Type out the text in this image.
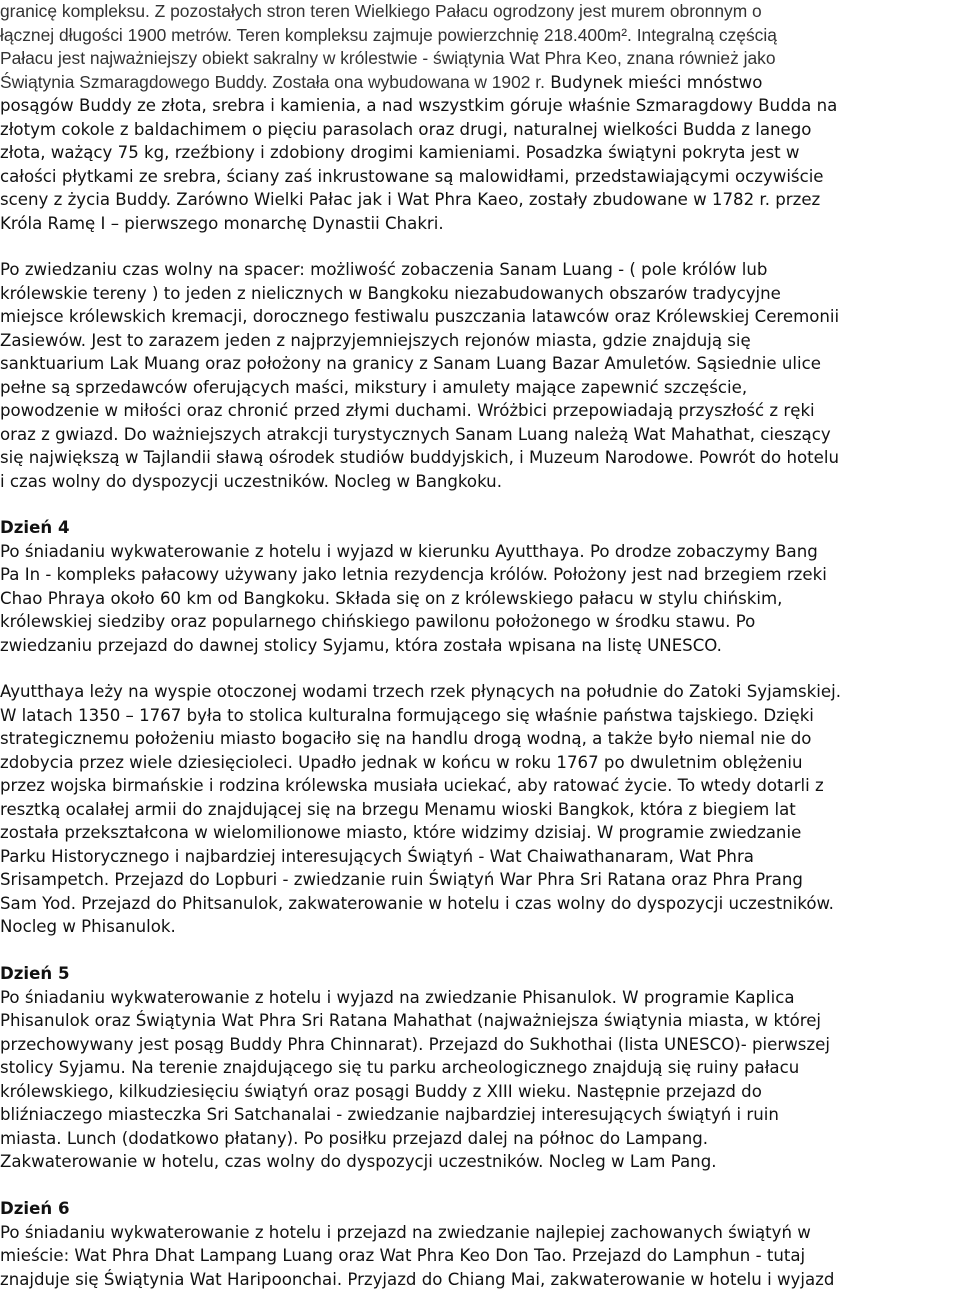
granicę kompleksu. Z pozostałych stron teren Wielkiego Pałacu ogrodzony jest murem obronnym o
łącznej długości 1900 metrów. Teren kompleksu zajmuje powierzchnię 218.400m². Integralną częścią
Pałacu jest najważniejszy obiekt sakralny w królestwie - świątynia Wat Phra Keo, znana również jako
Świątynia Szmaragdowego Buddy. Została ona wybudowana w 1902 r. Budynek mieści mnóstwo
posągów Buddy ze złota, srebra i kamienia, a nad wszystkim góruje właśnie Szmaragdowy Budda na
złotym cokole z baldachimem o pięciu parasolach oraz drugi, naturalnej wielkości Budda z lanego
złota, ważący 75 kg, rzeźbiony i zdobiony drogimi kamieniami. Posadzka świątyni pokryta jest w
całości płytkami ze srebra, ściany zaś inkrustowane są malowidłami, przedstawiającymi oczywiście
sceny z życia Buddy. Zarówno Wielki Pałac jak i Wat Phra Kaeo, zostały zbudowane w 1782 r. przez
Króla Ramę I – pierwszego monarchę Dynastii Chakri.
Po zwiedzaniu czas wolny na spacer: możliwość zobaczenia Sanam Luang - ( pole królów lub
królewskie tereny ) to jeden z nielicznych w Bangkoku niezabudowanych obszarów tradycyjne
miejsce królewskich kremacji, dorocznego festiwalu puszczania latawców oraz Królewskiej Ceremonii
Zasiewów. Jest to zarazem jeden z najprzyjemniejszych rejonów miasta, gdzie znajdują się
sanktuarium Lak Muang oraz położony na granicy z Sanam Luang Bazar Amuletów. Sąsiednie ulice
pełne są sprzedawców oferujących maści, mikstury i amulety mające zapewnić szczęście,
powodzenie w miłości oraz chronić przed złymi duchami. Wróżbici przepowiadają przyszłość z ręki
oraz z gwiazd. Do ważniejszych atrakcji turystycznych Sanam Luang należą Wat Mahathat, cieszący
się największą w Tajlandii sławą ośrodek studiów buddyjskich, i Muzeum Narodowe. Powrót do hotelu
i czas wolny do dyspozycji uczestników. Nocleg w Bangkoku.
Dzień 4
Po śniadaniu wykwaterowanie z hotelu i wyjazd w kierunku Ayutthaya. Po drodze zobaczymy Bang
Pa In - kompleks pałacowy używany jako letnia rezydencja królów. Położony jest nad brzegiem rzeki
Chao Phraya około 60 km od Bangkoku. Składa się on z królewskiego pałacu w stylu chińskim,
królewskiej siedziby oraz popularnego chińskiego pawilonu położonego w środku stawu. Po
zwiedzaniu przejazd do dawnej stolicy Syjamu, która została wpisana na listę UNESCO.
Ayutthaya leży na wyspie otoczonej wodami trzech rzek płynących na południe do Zatoki Syjamskiej.
W latach 1350 – 1767 była to stolica kulturalna formującego się właśnie państwa tajskiego. Dzięki
strategicznemu położeniu miasto bogaciło się na handlu drogą wodną, a także było niemal nie do
zdobycia przez wiele dziesięcioleci. Upadło jednak w końcu w roku 1767 po dwuletnim oblężeniu
przez wojska birmańskie i rodzina królewska musiała uciekać, aby ratować życie. To wtedy dotarli z
resztką ocalałej armii do znajdującej się na brzegu Menamu wioski Bangkok, która z biegiem lat
została przekształcona w wielomilionowe miasto, które widzimy dzisiaj. W programie zwiedzanie
Parku Historycznego i najbardziej interesujących Świątyń - Wat Chaiwathanaram, Wat Phra
Srisampetch. Przejazd do Lopburi - zwiedzanie ruin Świątyń War Phra Sri Ratana oraz Phra Prang
Sam Yod. Przejazd do Phitsanulok, zakwaterowanie w hotelu i czas wolny do dyspozycji uczestników.
Nocleg w Phisanulok.
Dzień 5
Po śniadaniu wykwaterowanie z hotelu i wyjazd na zwiedzanie Phisanulok. W programie Kaplica
Phisanulok oraz Świątynia Wat Phra Sri Ratana Mahathat (najważniejsza świątynia miasta, w której
przechowywany jest posąg Buddy Phra Chinnarat). Przejazd do Sukhothai (lista UNESCO)- pierwszej
stolicy Syjamu. Na terenie znajdującego się tu parku archeologicznego znajdują się ruiny pałacu
królewskiego, kilkudziesięciu świątyń oraz posągi Buddy z XIII wieku. Następnie przejazd do
bliźniaczego miasteczka Sri Satchanalai - zwiedzanie najbardziej interesujących świątyń i ruin
miasta. Lunch (dodatkowo płatany). Po posiłku przejazd dalej na północ do Lampang.
Zakwaterowanie w hotelu, czas wolny do dyspozycji uczestników. Nocleg w Lam Pang.
Dzień 6
Po śniadaniu wykwaterowanie z hotelu i przejazd na zwiedzanie najlepiej zachowanych świątyń w
mieście: Wat Phra Dhat Lampang Luang oraz Wat Phra Keo Don Tao. Przejazd do Lamphun - tutaj
znajduje się Świątynia Wat Haripoonchai. Przyjazd do Chiang Mai, zakwaterowanie w hotelu i wyjazd
